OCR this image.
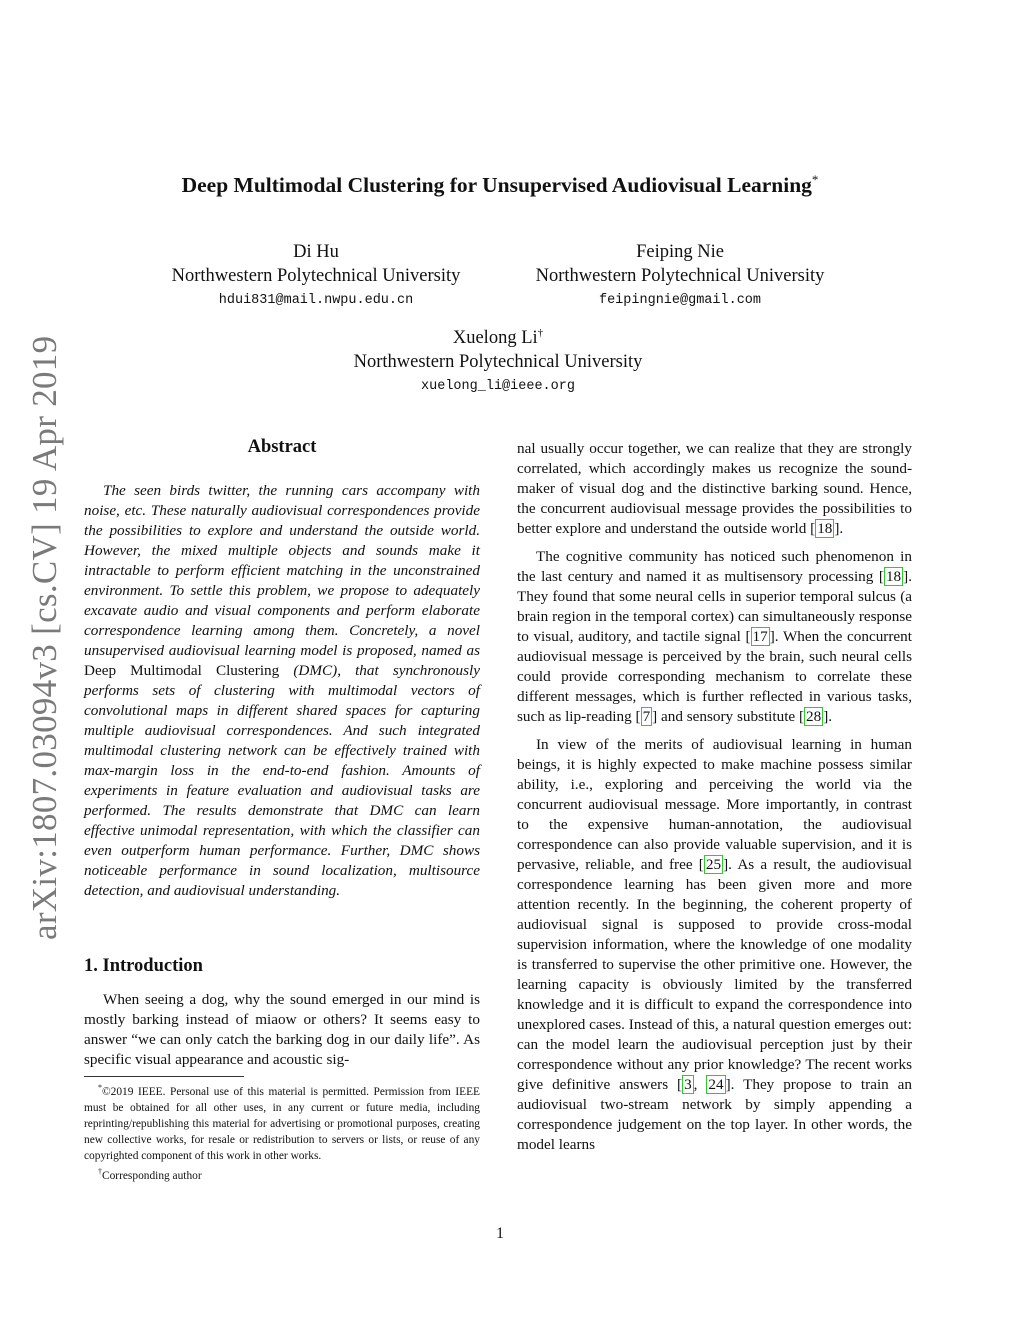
arXiv:1807.03094v3 [cs.CV] 19 Apr 2019
Deep Multimodal Clustering for Unsupervised Audiovisual Learning*
Di Hu
Northwestern Polytechnical University
hdui831@mail.nwpu.edu.cn
Feiping Nie
Northwestern Polytechnical University
feipingnie@gmail.com
Xuelong Li†
Northwestern Polytechnical University
xuelong_li@ieee.org
Abstract

The seen birds twitter, the running cars accompany with noise, etc. These naturally audiovisual correspondences provide the possibilities to explore and understand the outside world. However, the mixed multiple objects and sounds make it intractable to perform efficient matching in the unconstrained environment. To settle this problem, we propose to adequately excavate audio and visual components and perform elaborate correspondence learning among them. Concretely, a novel unsupervised audiovisual learning model is proposed, named as Deep Multimodal Clustering (DMC), that synchronously performs sets of clustering with multimodal vectors of convolutional maps in different shared spaces for capturing multiple audiovisual correspondences. And such integrated multimodal clustering network can be effectively trained with max-margin loss in the end-to-end fashion. Amounts of experiments in feature evaluation and audiovisual tasks are performed. The results demonstrate that DMC can learn effective unimodal representation, with which the classifier can even outperform human performance. Further, DMC shows noticeable performance in sound localization, multisource detection, and audiovisual understanding.

1. Introduction

When seeing a dog, why the sound emerged in our mind is mostly barking instead of miaow or others? It seems easy to answer “we can only catch the barking dog in our daily life”. As specific visual appearance and acoustic sig-

*©2019 IEEE. Personal use of this material is permitted. Permission from IEEE must be obtained for all other uses, in any current or future media, including reprinting/republishing this material for advertising or promotional purposes, creating new collective works, for resale or redistribution to servers or lists, or reuse of any copyrighted component of this work in other works.

†Corresponding author

nal usually occur together, we can realize that they are strongly correlated, which accordingly makes us recognize the sound-maker of visual dog and the distinctive barking sound. Hence, the concurrent audiovisual message provides the possibilities to better explore and understand the outside world [ 18 ].

The cognitive community has noticed such phenomenon in the last century and named it as multisensory processing [ 18 ]. They found that some neural cells in superior temporal sulcus (a brain region in the temporal cortex) can simultaneously response to visual, auditory, and tactile signal [ 17 ]. When the concurrent audiovisual message is perceived by the brain, such neural cells could provide corresponding mechanism to correlate these different messages, which is further reflected in various tasks, such as lip-reading [ 7 ] and sensory substitute [ 28 ].

In view of the merits of audiovisual learning in human beings, it is highly expected to make machine possess similar ability, i.e., exploring and perceiving the world via the concurrent audiovisual message. More importantly, in contrast to the expensive human-annotation, the audiovisual correspondence can also provide valuable supervision, and it is pervasive, reliable, and free [ 25 ]. As a result, the audiovisual correspondence learning has been given more and more attention recently. In the beginning, the coherent property of audiovisual signal is supposed to provide cross-modal supervision information, where the knowledge of one modality is transferred to supervise the other primitive one. However, the learning capacity is obviously limited by the transferred knowledge and it is difficult to expand the correspondence into unexplored cases. Instead of this, a natural question emerges out: can the model learn the audiovisual perception just by their correspondence without any prior knowledge? The recent works give definitive answers [ 3 , 24 ]. They propose to train an audiovisual two-stream network by simply appending a correspondence judgement on the top layer. In other words, the model learns

1
